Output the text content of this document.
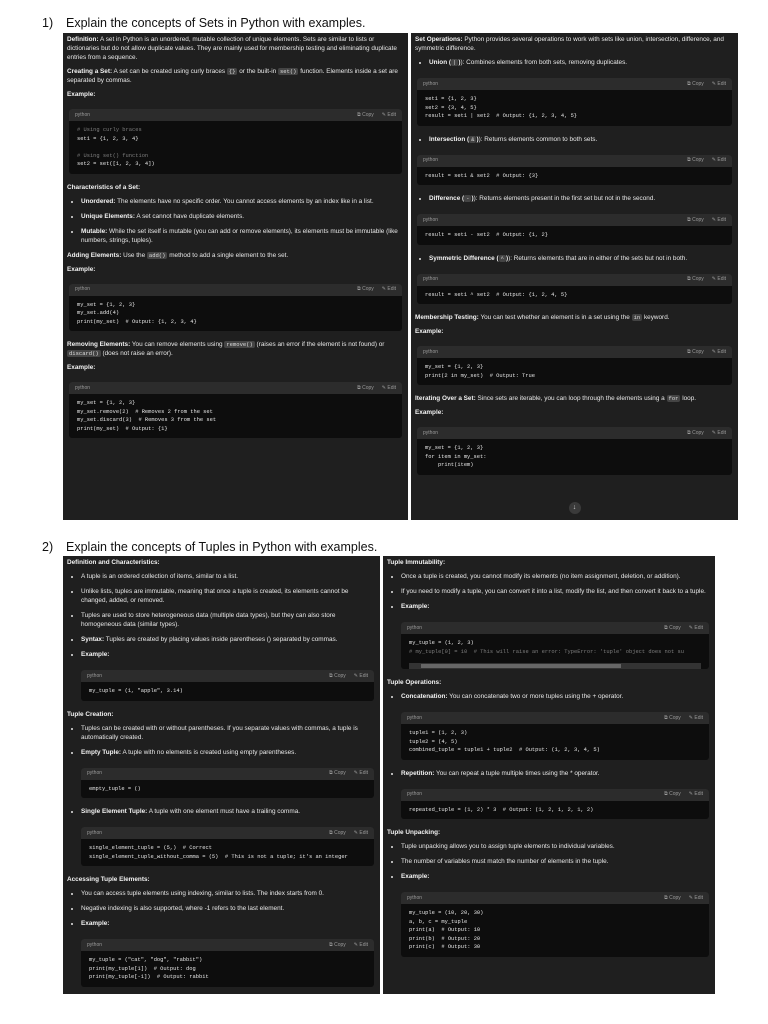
1) Explain the concepts of Sets in Python with examples.

Definition: A set in Python is an unordered, mutable collection of unique elements. Sets are similar to lists or dictionaries but do not allow duplicate values. They are mainly used for membership testing and eliminating duplicate entries from a sequence.

Creating a Set: A set can be created using curly braces {} or the built-in set() function. Elements inside a set are separated by commas.

Example:

python	⧉ Copy ✎ Edit
# Using curly braces
set1 = {1, 2, 3, 4}

# Using set() function
set2 = set([1, 2, 3, 4])

Characteristics of a Set:

• Unordered: The elements have no specific order. You cannot access elements by an index like in a list.
• Unique Elements: A set cannot have duplicate elements.
• Mutable: While the set itself is mutable (you can add or remove elements), its elements must be immutable (like numbers, strings, tuples).

Adding Elements: Use the add() method to add a single element to the set.

Example:

python	⧉ Copy ✎ Edit
my_set = {1, 2, 3}
my_set.add(4)
print(my_set)  # Output: {1, 2, 3, 4}

Removing Elements: You can remove elements using remove() (raises an error if the element is not found) or discard() (does not raise an error).

Example:

python	⧉ Copy ✎ Edit
my_set = {1, 2, 3}
my_set.remove(2)  # Removes 2 from the set
my_set.discard(3)  # Removes 3 from the set
print(my_set)  # Output: {1}

Set Operations: Python provides several operations to work with sets like union, intersection, difference, and symmetric difference.

• Union ( | )): Combines elements from both sets, removing duplicates.
python	⧉ Copy ✎ Edit
set1 = {1, 2, 3}
set2 = {3, 4, 5}
result = set1 | set2  # Output: {1, 2, 3, 4, 5}
• Intersection ( & )): Returns elements common to both sets.
python	⧉ Copy ✎ Edit
result = set1 & set2  # Output: {3}
• Difference ( - )): Returns elements present in the first set but not in the second.
python	⧉ Copy ✎ Edit
result = set1 - set2  # Output: {1, 2}
• Symmetric Difference ( ^ )): Returns elements that are in either of the sets but not in both.
python	⧉ Copy ✎ Edit
result = set1 ^ set2  # Output: {1, 2, 4, 5}

Membership Testing: You can test whether an element is in a set using the in keyword.

Example:

python	⧉ Copy ✎ Edit
my_set = {1, 2, 3}
print(2 in my_set)  # Output: True

Iterating Over a Set: Since sets are iterable, you can loop through the elements using a for loop.

Example:

python	⧉ Copy ✎ Edit
my_set = {1, 2, 3}
for item in my_set:
print(item)
↓
2) Explain the concepts of Tuples in Python with examples.

Definition and Characteristics:

• A tuple is an ordered collection of items, similar to a list.
• Unlike lists, tuples are immutable, meaning that once a tuple is created, its elements cannot be changed, added, or removed.
• Tuples are used to store heterogeneous data (multiple data types), but they can also store homogeneous data (similar types).
• Syntax: Tuples are created by placing values inside parentheses () separated by commas.
• Example:
python	⧉ Copy ✎ Edit
my_tuple = (1, "apple", 3.14)

Tuple Creation:

• Tuples can be created with or without parentheses. If you separate values with commas, a tuple is automatically created.
• Empty Tuple: A tuple with no elements is created using empty parentheses.
python	⧉ Copy ✎ Edit
empty_tuple = ()
• Single Element Tuple: A tuple with one element must have a trailing comma.
python	⧉ Copy ✎ Edit
single_element_tuple = (5,)  # Correct
single_element_tuple_without_comma = (5)  # This is not a tuple; it's an integer

Accessing Tuple Elements:

• You can access tuple elements using indexing, similar to lists. The index starts from 0.
• Negative indexing is also supported, where -1 refers to the last element.
• Example:
python	⧉ Copy ✎ Edit
my_tuple = ("cat", "dog", "rabbit")
print(my_tuple[1])  # Output: dog
print(my_tuple[-1])  # Output: rabbit

Tuple Immutability:

• Once a tuple is created, you cannot modify its elements (no item assignment, deletion, or addition).
• If you need to modify a tuple, you can convert it into a list, modify the list, and then convert it back to a tuple.
• Example:
python	⧉ Copy ✎ Edit
my_tuple = (1, 2, 3)
# my_tuple[0] = 10  # This will raise an error: TypeError: 'tuple' object does not su

Tuple Operations:

• Concatenation: You can concatenate two or more tuples using the + operator.
python	⧉ Copy ✎ Edit
tuple1 = (1, 2, 3)
tuple2 = (4, 5)
combined_tuple = tuple1 + tuple2  # Output: (1, 2, 3, 4, 5)
• Repetition: You can repeat a tuple multiple times using the * operator.
python	⧉ Copy ✎ Edit
repeated_tuple = (1, 2) * 3  # Output: (1, 2, 1, 2, 1, 2)

Tuple Unpacking:

• Tuple unpacking allows you to assign tuple elements to individual variables.
• The number of variables must match the number of elements in the tuple.
• Example:
python	⧉ Copy ✎ Edit
my_tuple = (10, 20, 30)
a, b, c = my_tuple
print(a)  # Output: 10
print(b)  # Output: 20
print(c)  # Output: 30
